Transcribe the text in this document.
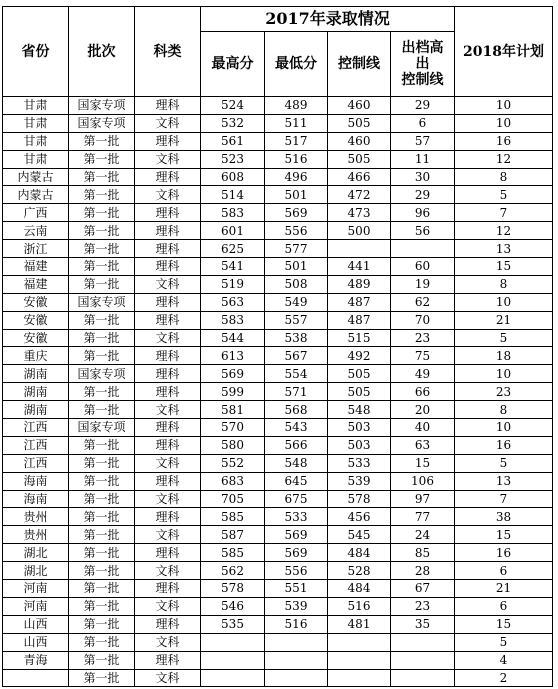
省份	批次	科类	2017年录取情况				2018年计划
			最高分	最低分	控制线	出档高
出
控制线	
甘肃	国家专项	理科	524	489	460	29	10
甘肃	国家专项	文科	532	511	505	6	10
甘肃	第一批	理科	561	517	460	57	16
甘肃	第一批	文科	523	516	505	11	12
内蒙古	第一批	理科	608	496	466	30	8
内蒙古	第一批	文科	514	501	472	29	5
广西	第一批	理科	583	569	473	96	7
云南	第一批	理科	601	556	500	56	12
浙江	第一批	理科	625	577			13
福建	第一批	理科	541	501	441	60	15
福建	第一批	文科	519	508	489	19	8
安徽	国家专项	理科	563	549	487	62	10
安徽	第一批	理科	583	557	487	70	21
安徽	第一批	文科	544	538	515	23	5
重庆	第一批	理科	613	567	492	75	18
湖南	国家专项	理科	569	554	505	49	10
湖南	第一批	理科	599	571	505	66	23
湖南	第一批	文科	581	568	548	20	8
江西	国家专项	理科	570	543	503	40	10
江西	第一批	理科	580	566	503	63	16
江西	第一批	文科	552	548	533	15	5
海南	第一批	理科	683	645	539	106	13
海南	第一批	文科	705	675	578	97	7
贵州	第一批	理科	585	533	456	77	38
贵州	第一批	文科	587	569	545	24	15
湖北	第一批	理科	585	569	484	85	16
湖北	第一批	文科	562	556	528	28	6
河南	第一批	理科	578	551	484	67	21
河南	第一批	文科	546	539	516	23	6
山西	第一批	理科	535	516	481	35	15
山西	第一批	文科					5
青海	第一批	理科					4
	第一批	文科					2
